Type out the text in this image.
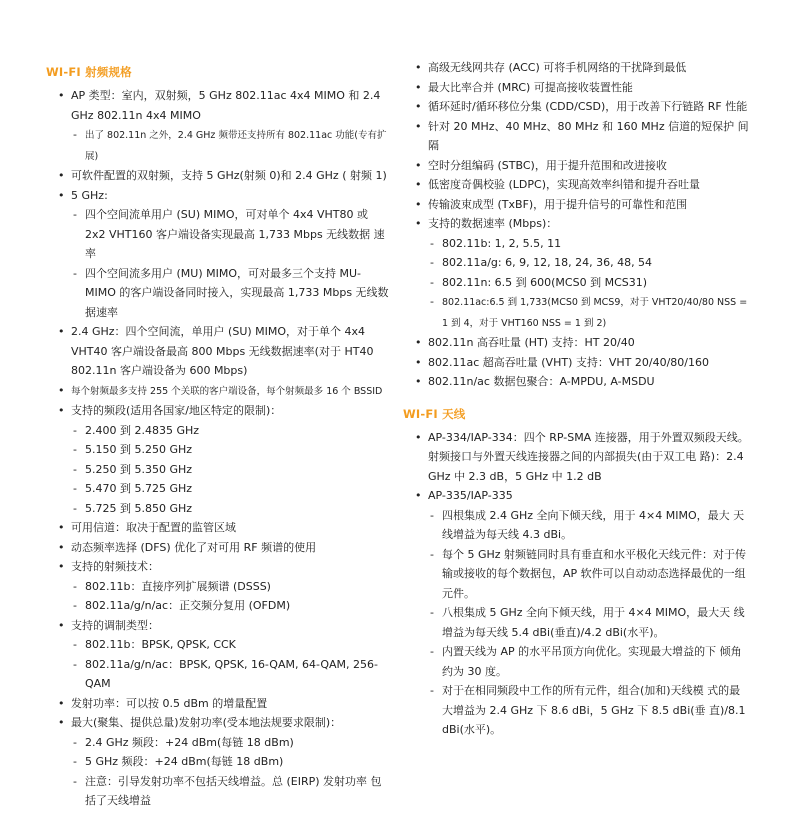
WI-FI 射频规格
• AP 类型：室内，双射频，5 GHz 802.11ac 4x4 MIMO 和 2.4 GHz 802.11n 4x4 MIMO
- 出了 802.11n 之外，2.4 GHz 频带还支持所有 802.11ac 功能(专有扩展)
• 可软件配置的双射频，支持 5 GHz(射频 0)和 2.4 GHz ( 射频 1)
• 5 GHz:
- 四个空间流单用户 (SU) MIMO，可对单个 4x4 VHT80 或 2x2 VHT160 客户端设备实现最高 1,733 Mbps 无线数据 速率
- 四个空间流多用户 (MU) MIMO，可对最多三个支持 MU-MIMO 的客户端设备同时接入，实现最高 1,733 Mbps 无线数据速率
• 2.4 GHz：四个空间流，单用户 (SU) MIMO，对于单个 4x4 VHT40 客户端设备最高 800 Mbps 无线数据速率(对于 HT40 802.11n 客户端设备为 600 Mbps)
• 每个射频最多支持 255 个关联的客户端设备，每个射频最多 16 个 BSSID
• 支持的频段(适用各国家/地区特定的限制)：
- 2.400 到 2.4835 GHz
- 5.150 到 5.250 GHz
- 5.250 到 5.350 GHz
- 5.470 到 5.725 GHz
- 5.725 到 5.850 GHz
• 可用信道：取决于配置的监管区域
• 动态频率选择 (DFS) 优化了对可用 RF 频谱的使用
• 支持的射频技术：
- 802.11b：直接序列扩展频谱 (DSSS)
- 802.11a/g/n/ac：正交频分复用 (OFDM)
• 支持的调制类型：
- 802.11b：BPSK, QPSK, CCK
- 802.11a/g/n/ac：BPSK, QPSK, 16-QAM, 64-QAM, 256-QAM
• 发射功率：可以按 0.5 dBm 的增量配置
• 最大(聚集、提供总量)发射功率(受本地法规要求限制)：
- 2.4 GHz 频段：+24 dBm(每链 18 dBm)
- 5 GHz 频段：+24 dBm(每链 18 dBm)
- 注意：引导发射功率不包括天线增益。总 (EIRP) 发射功率 包括了天线增益
• 高级无线网共存 (ACC) 可将手机网络的干扰降到最低
• 最大比率合并 (MRC) 可提高接收装置性能
• 循环延时/循环移位分集 (CDD/CSD)，用于改善下行链路 RF 性能
• 针对 20 MHz、40 MHz、80 MHz 和 160 MHz 信道的短保护 间隔
• 空时分组编码 (STBC)，用于提升范围和改进接收
• 低密度奇偶校验 (LDPC)，实现高效率纠错和提升吞吐量
• 传输波束成型 (TxBF)，用于提升信号的可靠性和范围
• 支持的数据速率 (Mbps)：
- 802.11b: 1, 2, 5.5, 11
- 802.11a/g: 6, 9, 12, 18, 24, 36, 48, 54
- 802.11n: 6.5 到 600(MCS0 到 MCS31)
- 802.11ac:6.5 到 1,733(MCS0 到 MCS9，对于 VHT20/40/80 NSS = 1 到 4，对于 VHT160 NSS = 1 到 2)
• 802.11n 高吞吐量 (HT) 支持：HT 20/40
• 802.11ac 超高吞吐量 (VHT) 支持：VHT 20/40/80/160
• 802.11n/ac 数据包聚合：A-MPDU, A-MSDU
WI-FI 天线
• AP-334/IAP-334：四个 RP-SMA 连接器，用于外置双频段天线。射频接口与外置天线连接器之间的内部损失(由于双工电 路)：2.4 GHz 中 2.3 dB，5 GHz 中 1.2 dB
• AP-335/IAP-335
- 四根集成 2.4 GHz 全向下倾天线，用于 4×4 MIMO，最大 天线增益为每天线 4.3 dBi。
- 每个 5 GHz 射频链同时具有垂直和水平极化天线元件：对于传输或接收的每个数据包，AP 软件可以自动动态选择最优的一组元件。
- 八根集成 5 GHz 全向下倾天线，用于 4×4 MIMO，最大天 线增益为每天线 5.4 dBi(垂直)/4.2 dBi(水平)。
- 内置天线为 AP 的水平吊顶方向优化。实现最大增益的下 倾角约为 30 度。
- 对于在相同频段中工作的所有元件，组合(加和)天线模 式的最大增益为 2.4 GHz 下 8.6 dBi，5 GHz 下 8.5 dBi(垂 直)/8.1 dBi(水平)。
